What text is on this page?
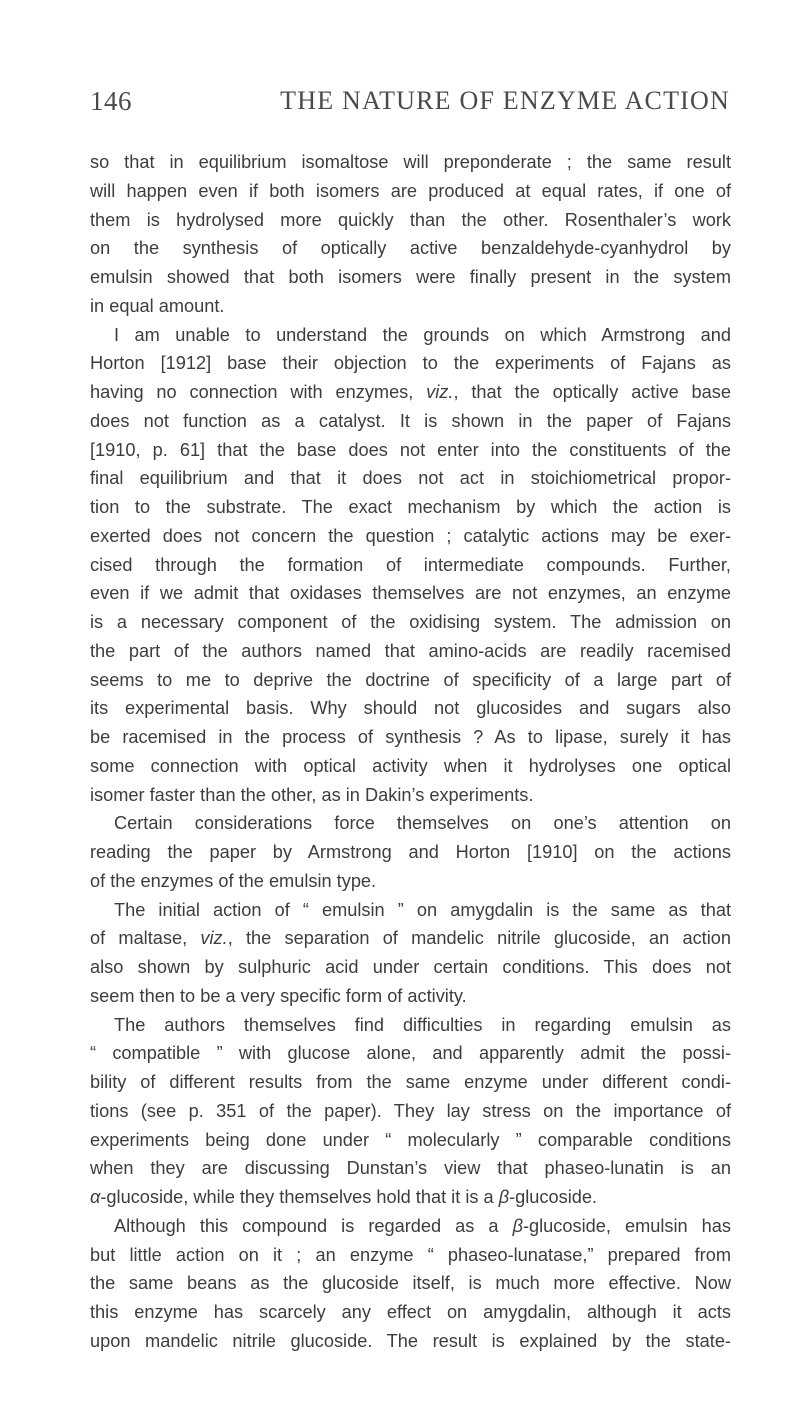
146	THE NATURE OF ENZYME ACTION
so that in equilibrium isomaltose will preponderate ; the same result
will happen even if both isomers are produced at equal rates, if one of
them is hydrolysed more quickly than the other. Rosenthaler’s work
on the synthesis of optically active benzaldehyde-cyanhydrol by
emulsin showed that both isomers were finally present in the system
in equal amount.
I am unable to understand the grounds on which Armstrong and
Horton [1912] base their objection to the experiments of Fajans as
having no connection with enzymes, viz., that the optically active base
does not function as a catalyst. It is shown in the paper of Fajans
[1910, p. 61] that the base does not enter into the constituents of the
final equilibrium and that it does not act in stoichiometrical propor-
tion to the substrate. The exact mechanism by which the action is
exerted does not concern the question ; catalytic actions may be exer-
cised through the formation of intermediate compounds. Further,
even if we admit that oxidases themselves are not enzymes, an enzyme
is a necessary component of the oxidising system. The admission on
the part of the authors named that amino-acids are readily racemised
seems to me to deprive the doctrine of specificity of a large part of
its experimental basis. Why should not glucosides and sugars also
be racemised in the process of synthesis ? As to lipase, surely it has
some connection with optical activity when it hydrolyses one optical
isomer faster than the other, as in Dakin’s experiments.
Certain considerations force themselves on one’s attention on
reading the paper by Armstrong and Horton [1910] on the actions
of the enzymes of the emulsin type.
The initial action of “ emulsin ” on amygdalin is the same as that
of maltase, viz., the separation of mandelic nitrile glucoside, an action
also shown by sulphuric acid under certain conditions. This does not
seem then to be a very specific form of activity.
The authors themselves find difficulties in regarding emulsin as
“ compatible ” with glucose alone, and apparently admit the possi-
bility of different results from the same enzyme under different condi-
tions (see p. 351 of the paper). They lay stress on the importance of
experiments being done under “ molecularly ” comparable conditions
when they are discussing Dunstan’s view that phaseo-lunatin is an
α-glucoside, while they themselves hold that it is a β-glucoside.
Although this compound is regarded as a β-glucoside, emulsin has
but little action on it ; an enzyme “ phaseo-lunatase,” prepared from
the same beans as the glucoside itself, is much more effective. Now
this enzyme has scarcely any effect on amygdalin, although it acts
upon mandelic nitrile glucoside. The result is explained by the state-
